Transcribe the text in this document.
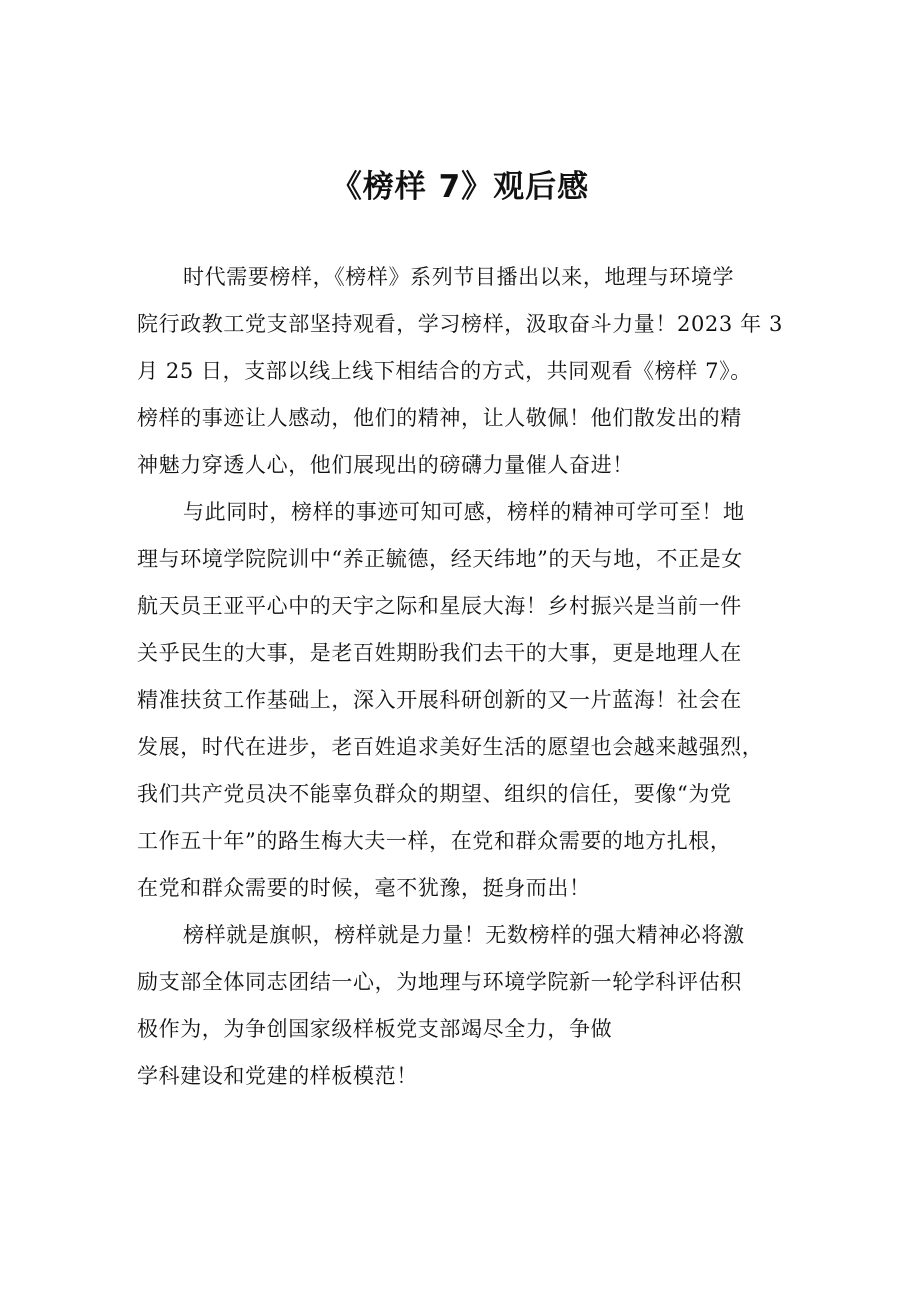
《榜样 7》观后感
时代需要榜样，《榜样》系列节目播出以来，地理与环境学
院行政教工党支部坚持观看，学习榜样，汲取奋斗力量！2023 年 3
月 25 日，支部以线上线下相结合的方式，共同观看《榜样 7》。
榜样的事迹让人感动，他们的精神，让人敬佩！他们散发出的精
神魅力穿透人心，他们展现出的磅礴力量催人奋进！
与此同时，榜样的事迹可知可感，榜样的精神可学可至！地
理与环境学院院训中“养正毓德，经天纬地”的天与地，不正是女
航天员王亚平心中的天宇之际和星辰大海！乡村振兴是当前一件
关乎民生的大事，是老百姓期盼我们去干的大事，更是地理人在
精准扶贫工作基础上，深入开展科研创新的又一片蓝海！社会在
发展，时代在进步，老百姓追求美好生活的愿望也会越来越强烈，
我们共产党员决不能辜负群众的期望、组织的信任，要像“为党
工作五十年”的路生梅大夫一样，在党和群众需要的地方扎根，
在党和群众需要的时候，毫不犹豫，挺身而出！
榜样就是旗帜，榜样就是力量！无数榜样的强大精神必将激
励支部全体同志团结一心，为地理与环境学院新一轮学科评估积
极作为，为争创国家级样板党支部竭尽全力，争做
学科建设和党建的样板模范！
